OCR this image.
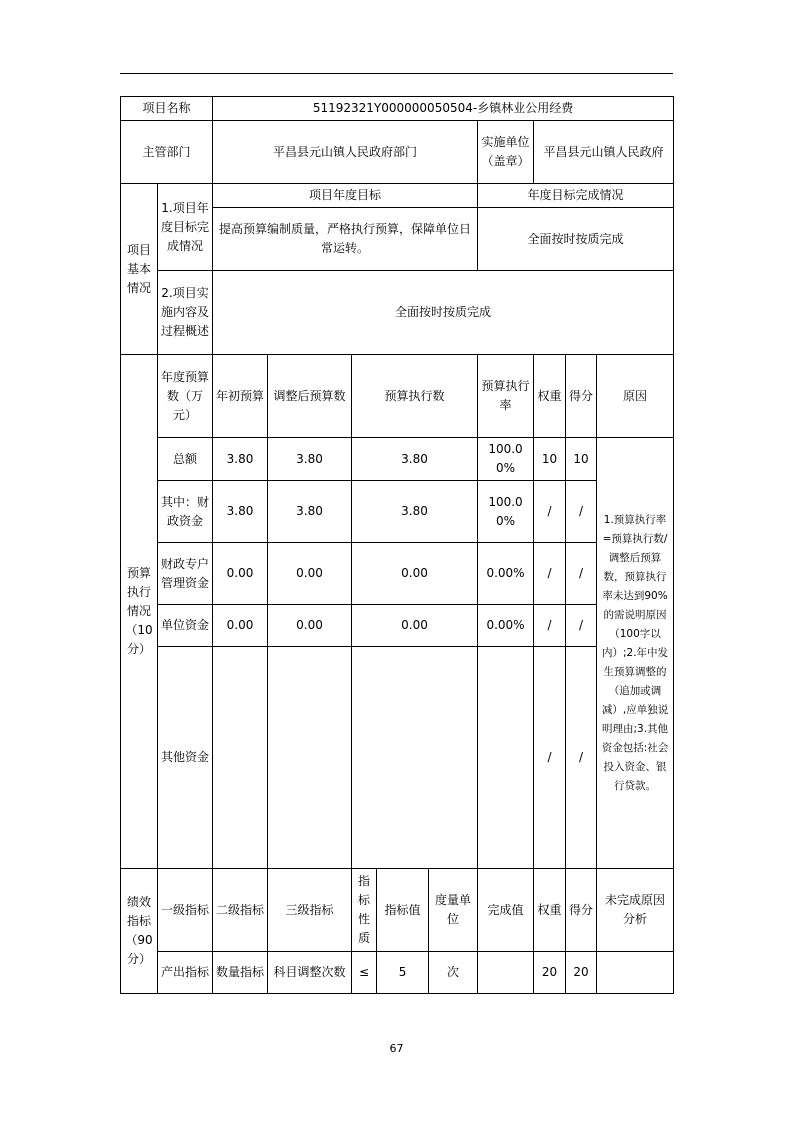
项目名称		51192321Y000000050504-乡镇林业公用经费								
主管部门		平昌县元山镇人民政府部门					实施单位（盖章）	平昌县元山镇人民政府		
项目基本情况	1.项目年度目标完成情况	项目年度目标					年度目标完成情况			
		提高预算编制质量，严格执行预算，保障单位日常运转。					全面按时按质完成			

	2.项目实施内容及过程概述	全面按时按质完成								
预算执行情况（10分）	年度预算数（万元）	年初预算	调整后预算数	预算执行数			预算执行率	权重	得分	原因
	总额	3.80	3.80	3.80			100.00%	10	10	1.预算执行率=预算执行数/调整后预算数，预算执行率未达到90%的需说明原因（100字以内）;2.年中发生预算调整的（追加或调减）,应单独说明理由;3.其他资金包括:社会投入资金、银行贷款。
	其中：财政资金	3.80	3.80	3.80			100.00%	/	/	
	财政专户管理资金	0.00	0.00	0.00			0.00%	/	/	
	单位资金	0.00	0.00	0.00			0.00%	/	/	
	其他资金							/	/	
绩效指标（90分）	一级指标	二级指标	三级指标	指标性质	指标值	度量单位	完成值	权重	得分	未完成原因分析
	产出指标	数量指标	科目调整次数	≤	5	次		20	20	
67
